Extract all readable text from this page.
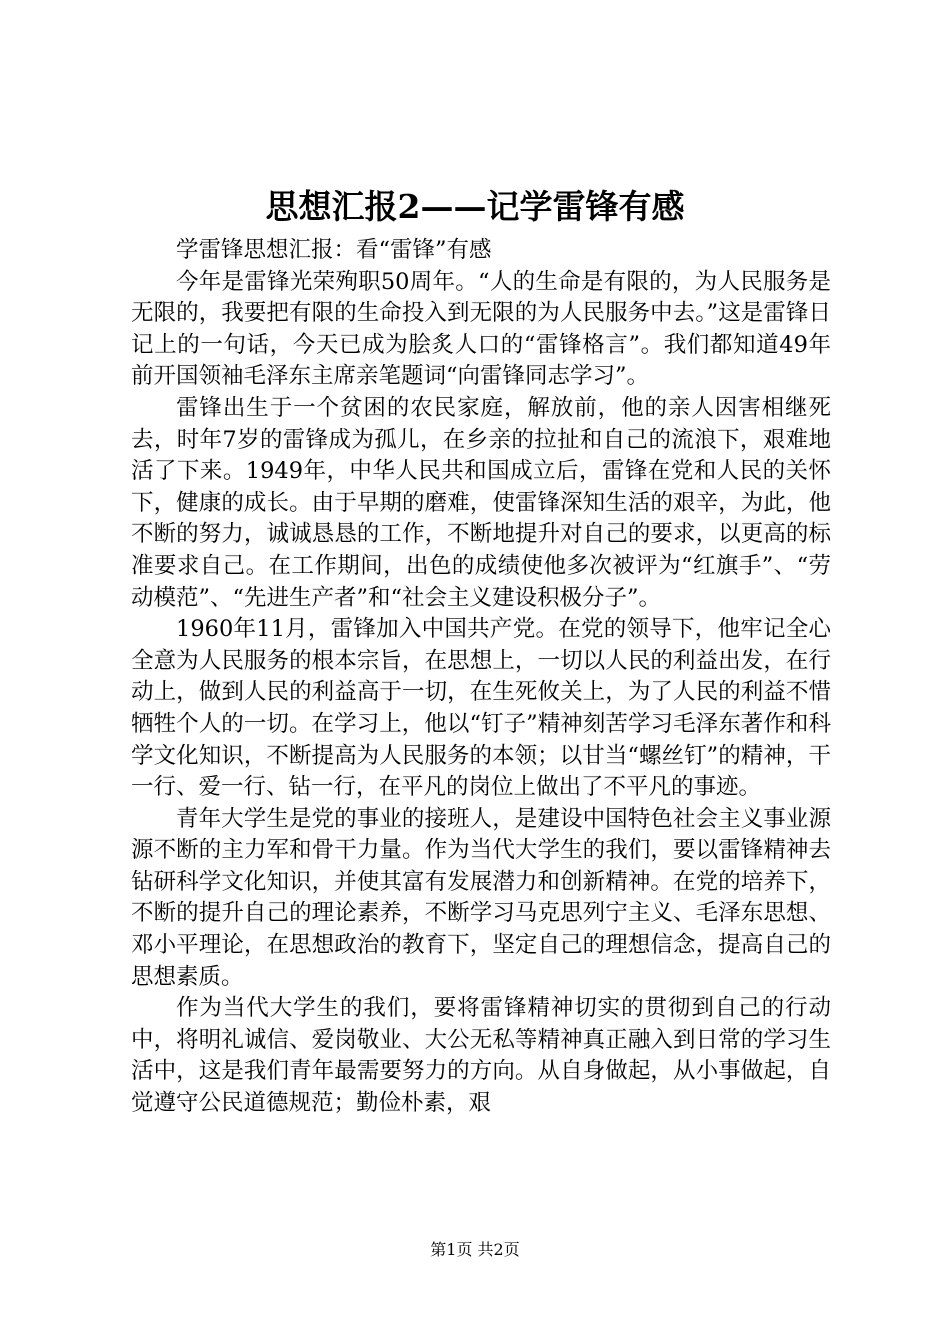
思想汇报2——记学雷锋有感

学雷锋思想汇报：看“雷锋”有感

今年是雷锋光荣殉职50周年。“人的生命是有限的，为人民服务是无限的，我要把有限的生命投入到无限的为人民服务中去。”这是雷锋日记上的一句话，今天已成为脍炙人口的“雷锋格言”。我们都知道49年前开国领袖毛泽东主席亲笔题词“向雷锋同志学习”。

雷锋出生于一个贫困的农民家庭，解放前，他的亲人因害相继死去，时年7岁的雷锋成为孤儿，在乡亲的拉扯和自己的流浪下，艰难地活了下来。1949年，中华人民共和国成立后，雷锋在党和人民的关怀下，健康的成长。由于早期的磨难，使雷锋深知生活的艰辛，为此，他不断的努力，诚诚恳恳的工作，不断地提升对自己的要求，以更高的标准要求自己。在工作期间，出色的成绩使他多次被评为“红旗手”、“劳动模范”、“先进生产者”和“社会主义建设积极分子”。

1960年11月，雷锋加入中国共产党。在党的领导下，他牢记全心全意为人民服务的根本宗旨，在思想上，一切以人民的利益出发，在行动上，做到人民的利益高于一切，在生死攸关上，为了人民的利益不惜牺牲个人的一切。在学习上，他以“钉子”精神刻苦学习毛泽东著作和科学文化知识，不断提高为人民服务的本领；以甘当“螺丝钉”的精神，干一行、爱一行、钻一行，在平凡的岗位上做出了不平凡的事迹。

青年大学生是党的事业的接班人，是建设中国特色社会主义事业源源不断的主力军和骨干力量。作为当代大学生的我们，要以雷锋精神去钻研科学文化知识，并使其富有发展潜力和创新精神。在党的培养下，不断的提升自己的理论素养，不断学习马克思列宁主义、毛泽东思想、邓小平理论，在思想政治的教育下，坚定自己的理想信念，提高自己的思想素质。

作为当代大学生的我们，要将雷锋精神切实的贯彻到自己的行动中，将明礼诚信、爱岗敬业、大公无私等精神真正融入到日常的学习生活中，这是我们青年最需要努力的方向。从自身做起，从小事做起，自觉遵守公民道德规范；勤俭朴素，艰

第1页 共2页
